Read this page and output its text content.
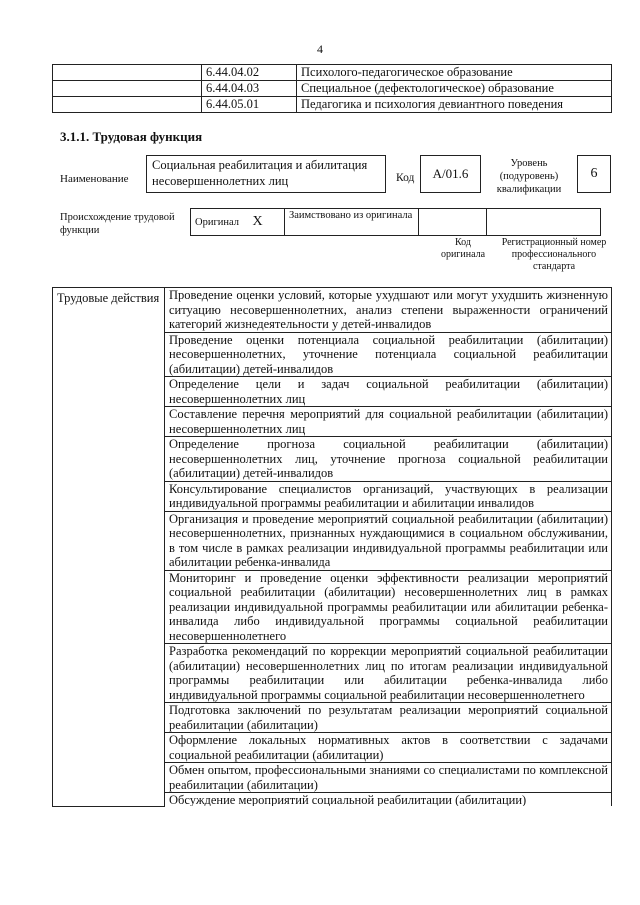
4
	6.44.04.02	Психолого-педагогическое образование
	6.44.04.03	Специальное (дефектологическое) образование
	6.44.05.01	Педагогика и психология девиантного поведения
3.1.1. Трудовая функция
Наименование
Социальная реабилитация и абилитация несовершеннолетних лиц	Код	A/01.6
Уровень (подуровень) квалификации
6
Происхождение трудовой функции
Оригинал	X	Заимствовано из оригинала		
Код оригинала
Регистрационный номер профессионального стандарта
Трудовые действия	Проведение оценки условий, которые ухудшают или могут ухудшить жизненную ситуацию несовершеннолетних, анализ степени выраженности ограничений категорий жизнедеятельности у детей-инвалидов
Проведение оценки потенциала социальной реабилитации (абилитации) несовершеннолетних, уточнение потенциала социальной реабилитации (абилитации) детей-инвалидов
Определение цели и задач социальной реабилитации (абилитации) несовершеннолетних лиц
Составление перечня мероприятий для социальной реабилитации (абилитации) несовершеннолетних лиц
Определение прогноза социальной реабилитации (абилитации) несовершеннолетних лиц, уточнение прогноза социальной реабилитации (абилитации) детей-инвалидов
Консультирование специалистов организаций, участвующих в реализации индивидуальной программы реабилитации и абилитации инвалидов
Организация и проведение мероприятий социальной реабилитации (абилитации) несовершеннолетних, признанных нуждающимися в социальном обслуживании, в том числе в рамках реализации индивидуальной программы реабилитации или абилитации ребенка-инвалида
Мониторинг и проведение оценки эффективности реализации мероприятий социальной реабилитации (абилитации) несовершеннолетних лиц в рамках реализации индивидуальной программы реабилитации или абилитации ребенка-инвалида либо индивидуальной программы социальной реабилитации несовершеннолетнего
Разработка рекомендаций по коррекции мероприятий социальной реабилитации (абилитации) несовершеннолетних лиц по итогам реализации индивидуальной программы реабилитации или абилитации ребенка-инвалида либо индивидуальной программы социальной реабилитации несовершеннолетнего
Подготовка заключений по результатам реализации мероприятий социальной реабилитации (абилитации)
Оформление локальных нормативных актов в соответствии с задачами социальной реабилитации (абилитации)
Обмен опытом, профессиональными знаниями со специалистами по комплексной реабилитации (абилитации)

Обсуждение мероприятий социальной реабилитации (абилитации)
